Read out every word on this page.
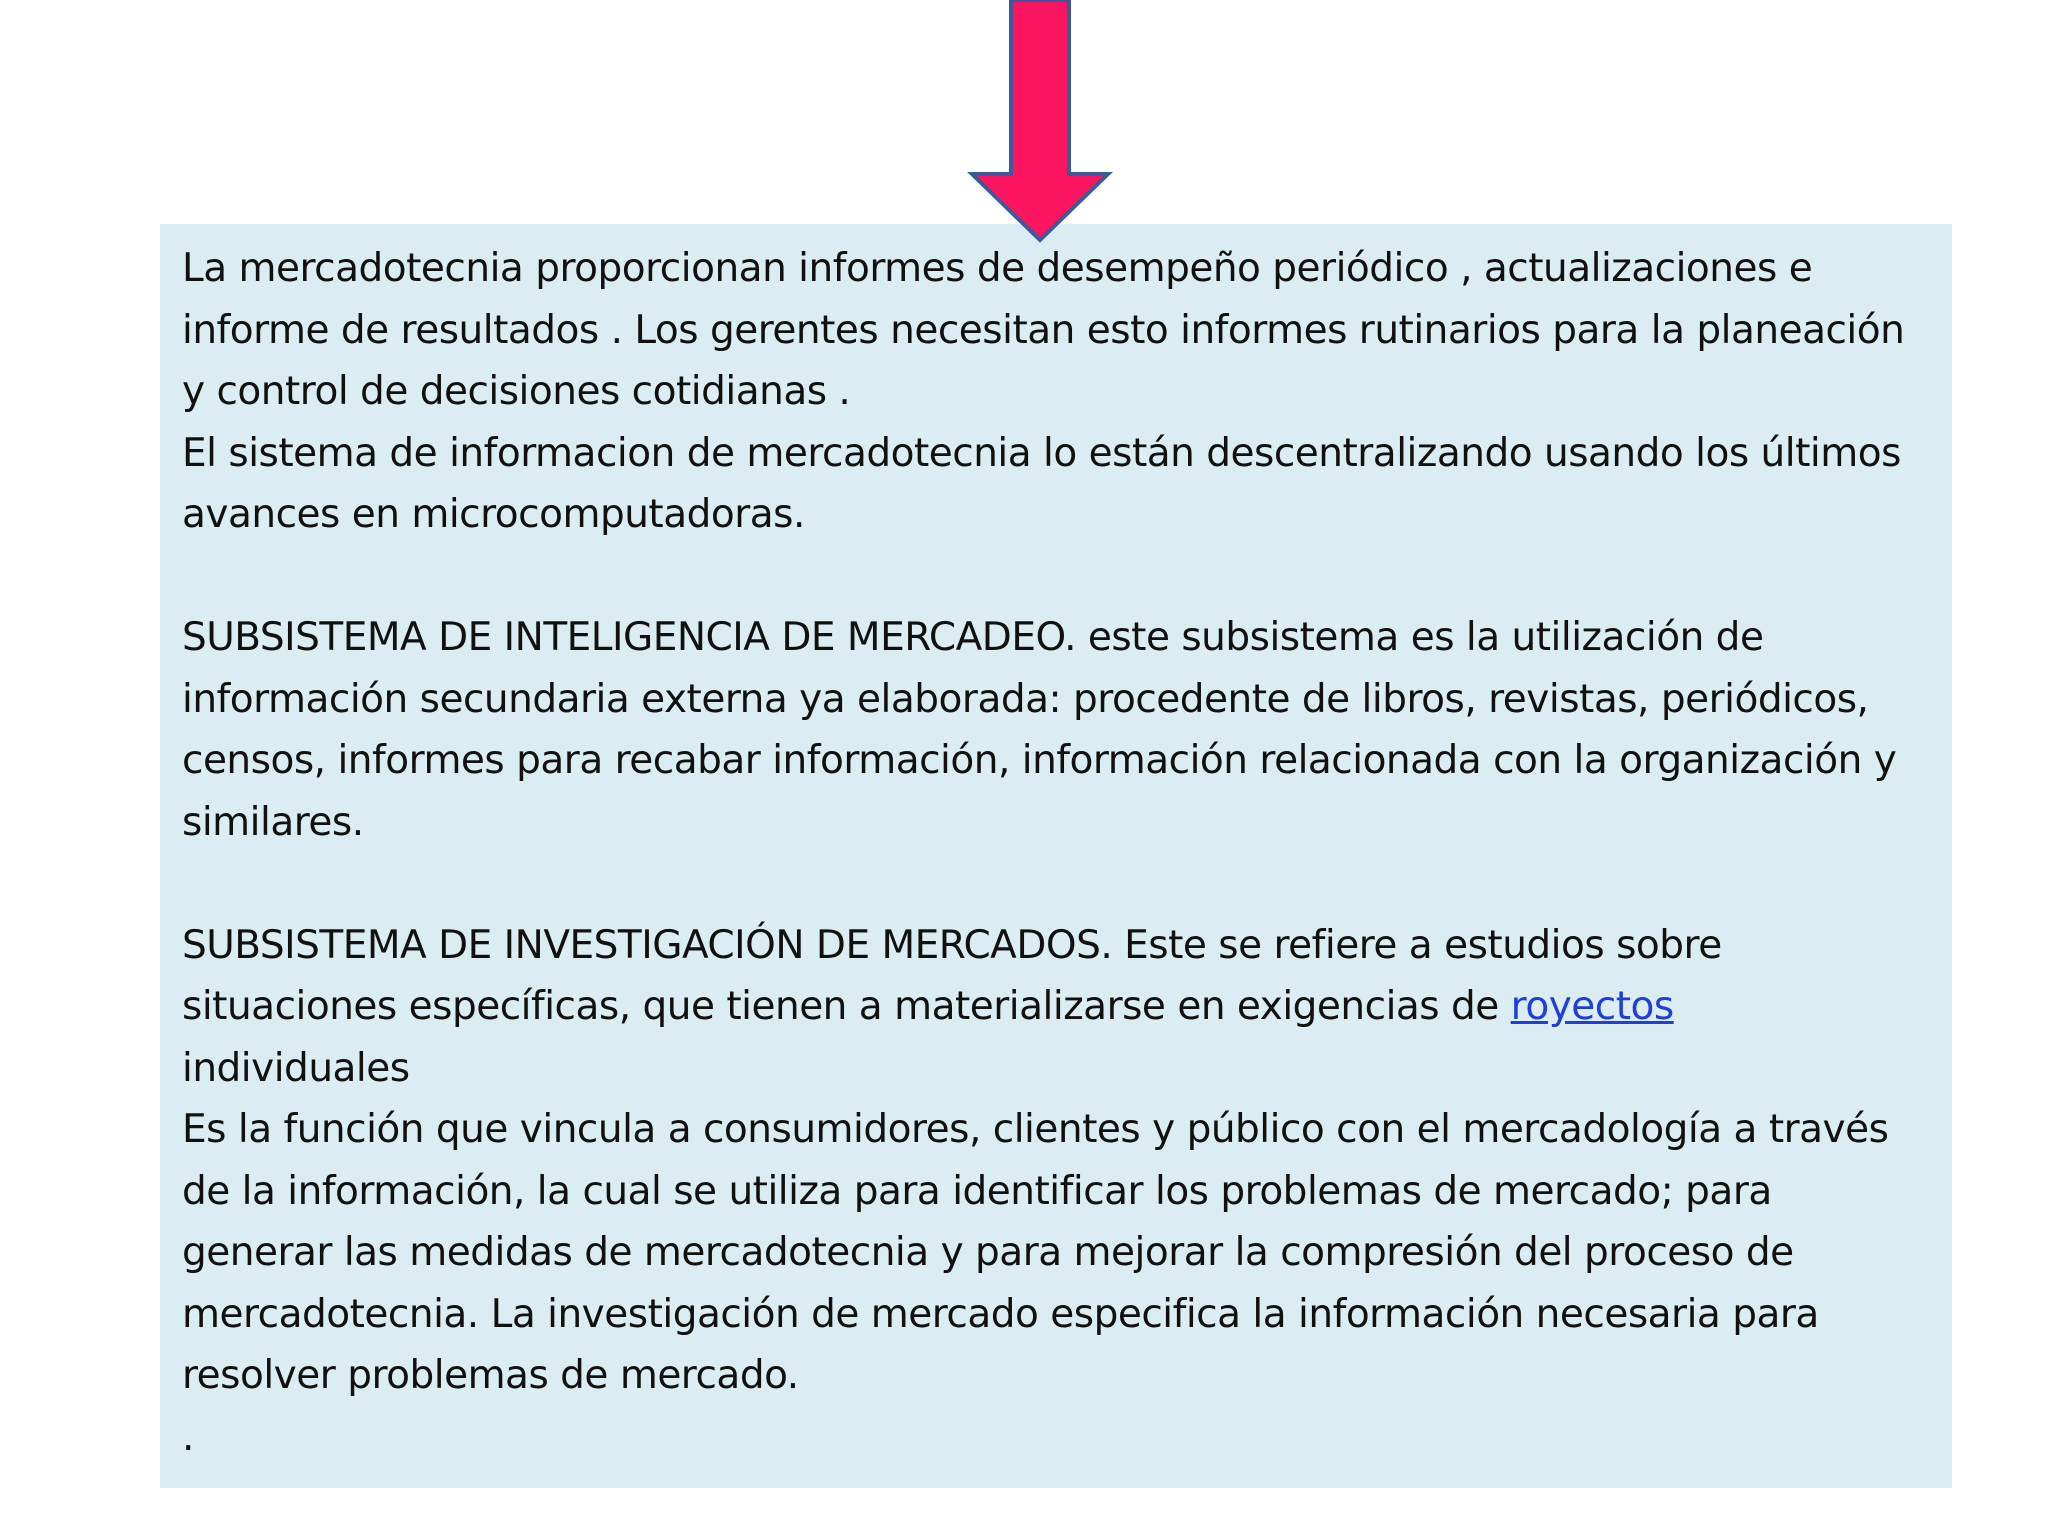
La mercadotecnia proporcionan informes de desempeño periódico , actualizaciones e informe de resultados . Los gerentes necesitan esto informes rutinarios para la planeación y control de decisiones cotidianas .

El sistema de informacion de mercadotecnia lo están descentralizando usando los últimos avances en microcomputadoras.

SUBSISTEMA DE INTELIGENCIA DE MERCADEO. este subsistema es la utilización de información secundaria externa ya elaborada: procedente de libros, revistas, periódicos, censos, informes para recabar información, información relacionada con la organización y similares.

SUBSISTEMA DE INVESTIGACIÓN DE MERCADOS. Este se refiere a estudios sobre situaciones específicas, que tienen a materializarse en exigencias de royectos

individuales

Es la función que vincula a consumidores, clientes y público con el mercadología a través de la información, la cual se utiliza para identificar los problemas de mercado; para generar las medidas de mercadotecnia y para mejorar la compresión del proceso de mercadotecnia. La investigación de mercado especifica la información necesaria para resolver problemas de mercado.

.
